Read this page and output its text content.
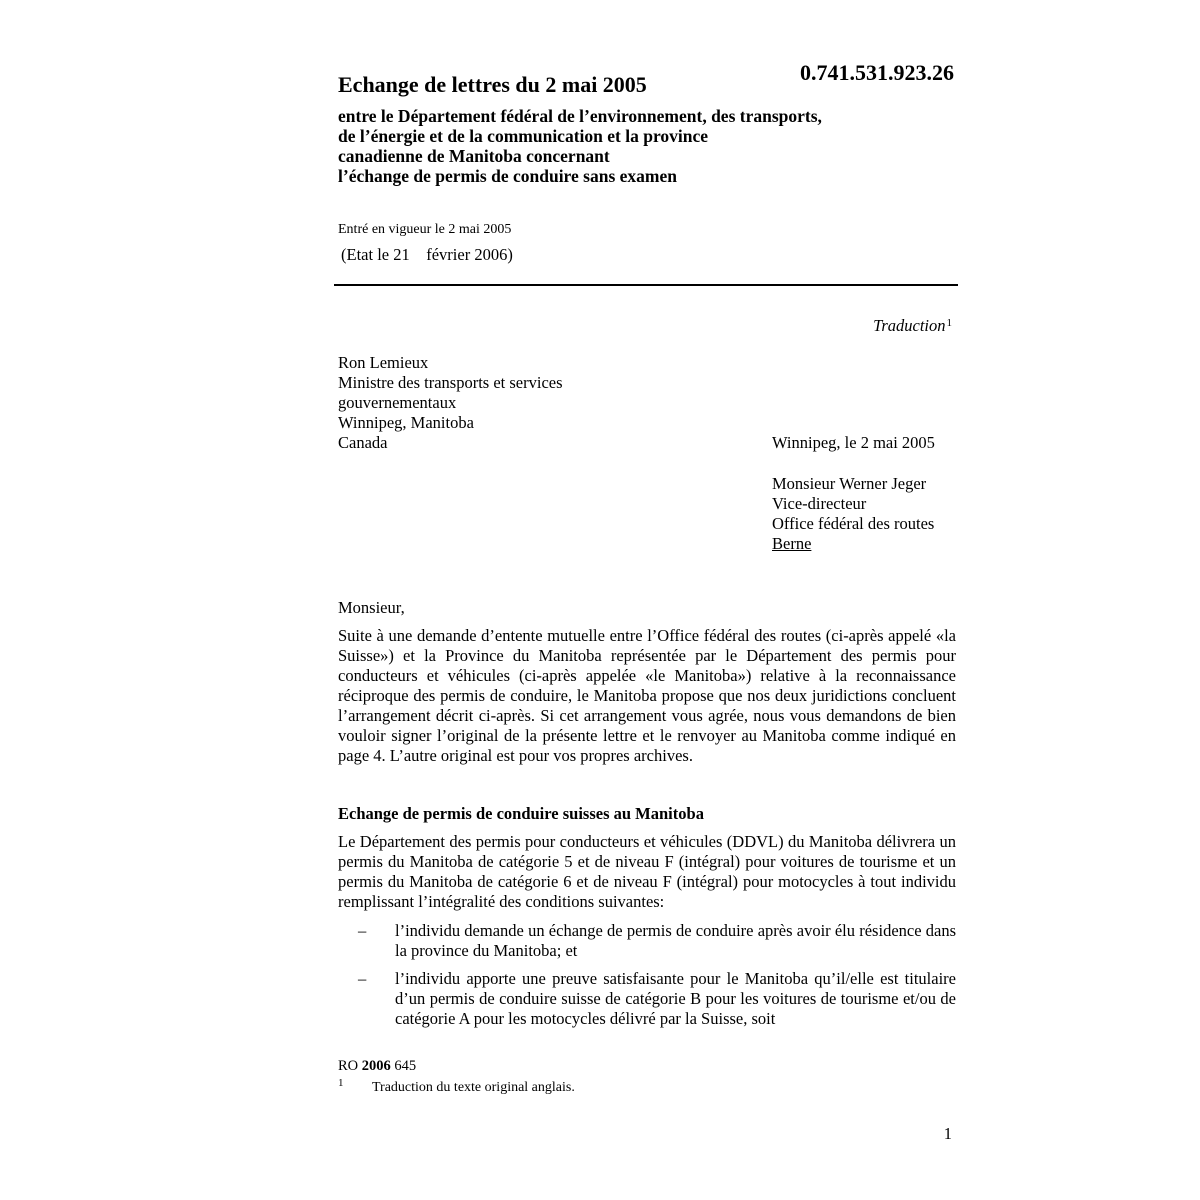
0.741.531.923.26
Echange de lettres du 2 mai 2005
entre le Département fédéral de l’environnement, des transports,
de l’énergie et de la communication et la province
canadienne de Manitoba concernant
l’échange de permis de conduire sans examen
Entré en vigueur le 2 mai 2005
(Etat le 21    février 2006)
Traduction$^1$
Ron Lemieux
Ministre des transports et services
gouvernementaux
Winnipeg, Manitoba
Canada	Winnipeg, le 2 mai 2005
Monsieur Werner Jeger
Vice-directeur
Office fédéral des routes
Berne
Monsieur,
Suite à une demande d’entente mutuelle entre l’Office fédéral des routes (ci-après appelé «la Suisse») et la Province du Manitoba représentée par le Département des permis pour conducteurs et véhicules (ci-après appelée «le Manitoba») relative à la reconnaissance réciproque des permis de conduire, le Manitoba propose que nos deux juridictions concluent l’arrangement décrit ci-après. Si cet arrangement vous agrée, nous vous demandons de bien vouloir signer l’original de la présente lettre et le renvoyer au Manitoba comme indiqué en page 4. L’autre original est pour vos propres archives.
Echange de permis de conduire suisses au Manitoba
Le Département des permis pour conducteurs et véhicules (DDVL) du Manitoba délivrera un permis du Manitoba de catégorie 5 et de niveau F (intégral) pour voitures de tourisme et un permis du Manitoba de catégorie 6 et de niveau F (intégral) pour motocycles à tout individu remplissant l’intégralité des conditions suivantes:
– l’individu demande un échange de permis de conduire après avoir élu résidence dans la province du Manitoba; et
– l’individu apporte une preuve satisfaisante pour le Manitoba qu’il/elle est titulaire d’un permis de conduire suisse de catégorie B pour les voitures de tourisme et/ou de catégorie A pour les motocycles délivré par la Suisse, soit
RO 2006 645
1 Traduction du texte original anglais.
1
